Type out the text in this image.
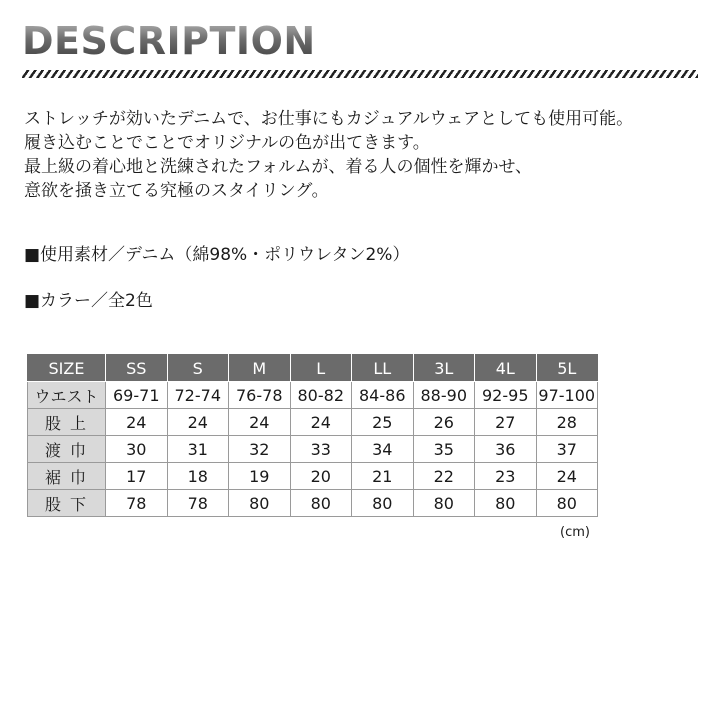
DESCRIPTION

ストレッチが効いたデニムで、お仕事にもカジュアルウェアとしても使用可能。

履き込むことでことでオリジナルの色が出てきます。

最上級の着心地と洗練されたフォルムが、着る人の個性を輝かせ、

意欲を掻き立てる究極のスタイリング。

■使用素材／デニム（綿98%・ポリウレタン2%）

■カラー／全2色

SIZE	SS	S	M	L	LL	3L	4L	5L
ウエスト	69-71	72-74	76-78	80-82	84-86	88-90	92-95	97-100
股 上	24	24	24	24	25	26	27	28
渡 巾	30	31	32	33	34	35	36	37
裾 巾	17	18	19	20	21	22	23	24
股 下	78	78	80	80	80	80	80	80
(cm)
